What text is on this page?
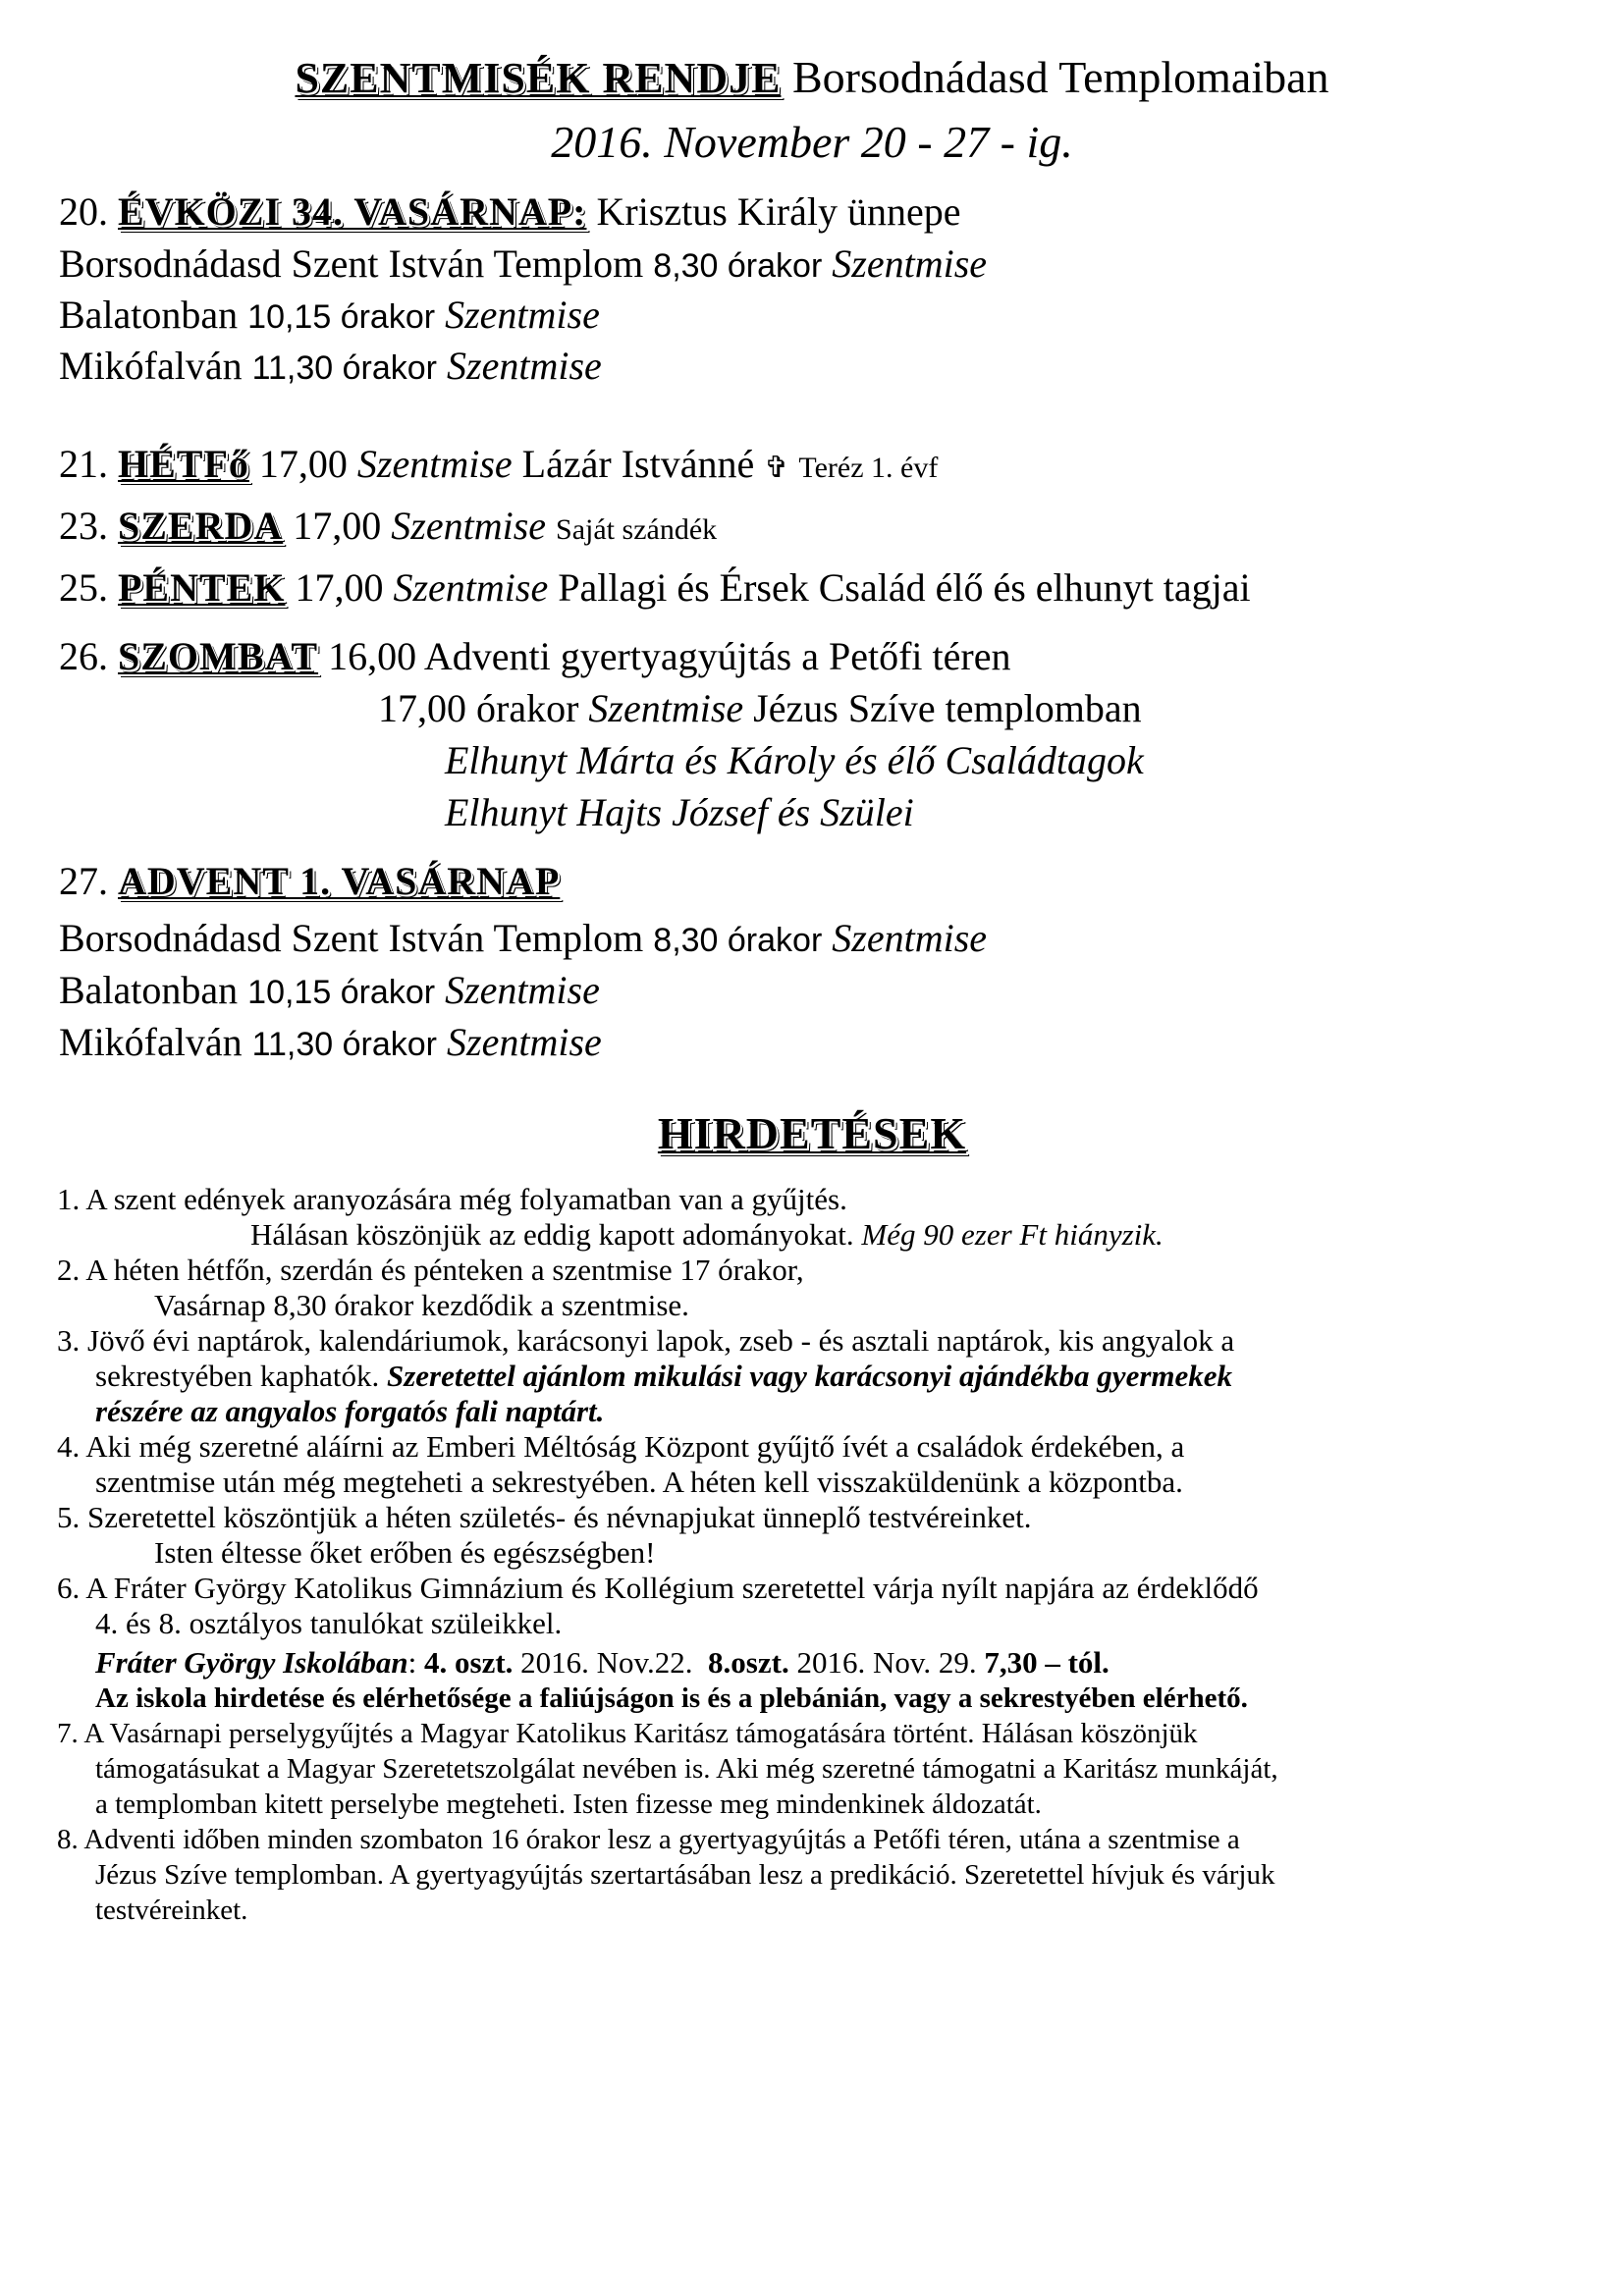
SZENTMISÉK RENDJE Borsodnádasd Templomaiban
2016. November 20 - 27 - ig.
20. ÉVKÖZI 34. VASÁRNAP: Krisztus Király ünnepe
Borsodnádasd Szent István Templom 8,30 órakor Szentmise
Balatonban 10,15 órakor Szentmise
Mikófalván 11,30 órakor Szentmise
21. HÉTFő 17,00 Szentmise Lázár Istvánné ✞ Teréz 1. évf
23. SZERDA 17,00 Szentmise Saját szándék
25. PÉNTEK 17,00 Szentmise Pallagi és Érsek Család élő és elhunyt tagjai
26. SZOMBAT 16,00 Adventi gyertyagyújtás a Petőfi téren
17,00 órakor Szentmise Jézus Szíve templomban
Elhunyt Márta és Károly és élő Családtagok
Elhunyt Hajts József és Szülei
27. ADVENT 1. VASÁRNAP
Borsodnádasd Szent István Templom 8,30 órakor Szentmise
Balatonban 10,15 órakor Szentmise
Mikófalván 11,30 órakor Szentmise
HIRDETÉSEK
1. A szent edények aranyozására még folyamatban van a gyűjtés.
Hálásan köszönjük az eddig kapott adományokat. Még 90 ezer Ft hiányzik.
2. A héten hétfőn, szerdán és pénteken a szentmise 17 órakor,
Vasárnap 8,30 órakor kezdődik a szentmise.
3. Jövő évi naptárok, kalendáriumok, karácsonyi lapok, zseb - és asztali naptárok, kis angyalok a
sekrestyében kaphatók. Szeretettel ajánlom mikulási vagy karácsonyi ajándékba gyermekek
részére az angyalos forgatós fali naptárt.
4. Aki még szeretné aláírni az Emberi Méltóság Központ gyűjtő ívét a családok érdekében, a
szentmise után még megteheti a sekrestyében. A héten kell visszaküldenünk a központba.
5. Szeretettel köszöntjük a héten születés- és névnapjukat ünneplő testvéreinket.
Isten éltesse őket erőben és egészségben!
6. A Fráter György Katolikus Gimnázium és Kollégium szeretettel várja nyílt napjára az érdeklődő
4. és 8. osztályos tanulókat szüleikkel.
Fráter György Iskolában: 4. oszt. 2016. Nov.22. 8.oszt. 2016. Nov. 29. 7,30 – tól.
Az iskola hirdetése és elérhetősége a faliújságon is és a plebánián, vagy a sekrestyében elérhető.
7. A Vasárnapi perselygyűjtés a Magyar Katolikus Karitász támogatására történt. Hálásan köszönjük
támogatásukat a Magyar Szeretetszolgálat nevében is. Aki még szeretné támogatni a Karitász munkáját,
a templomban kitett perselybe megteheti. Isten fizesse meg mindenkinek áldozatát.
8. Adventi időben minden szombaton 16 órakor lesz a gyertyagyújtás a Petőfi téren, utána a szentmise a
Jézus Szíve templomban. A gyertyagyújtás szertartásában lesz a predikáció. Szeretettel hívjuk és várjuk
testvéreinket.
